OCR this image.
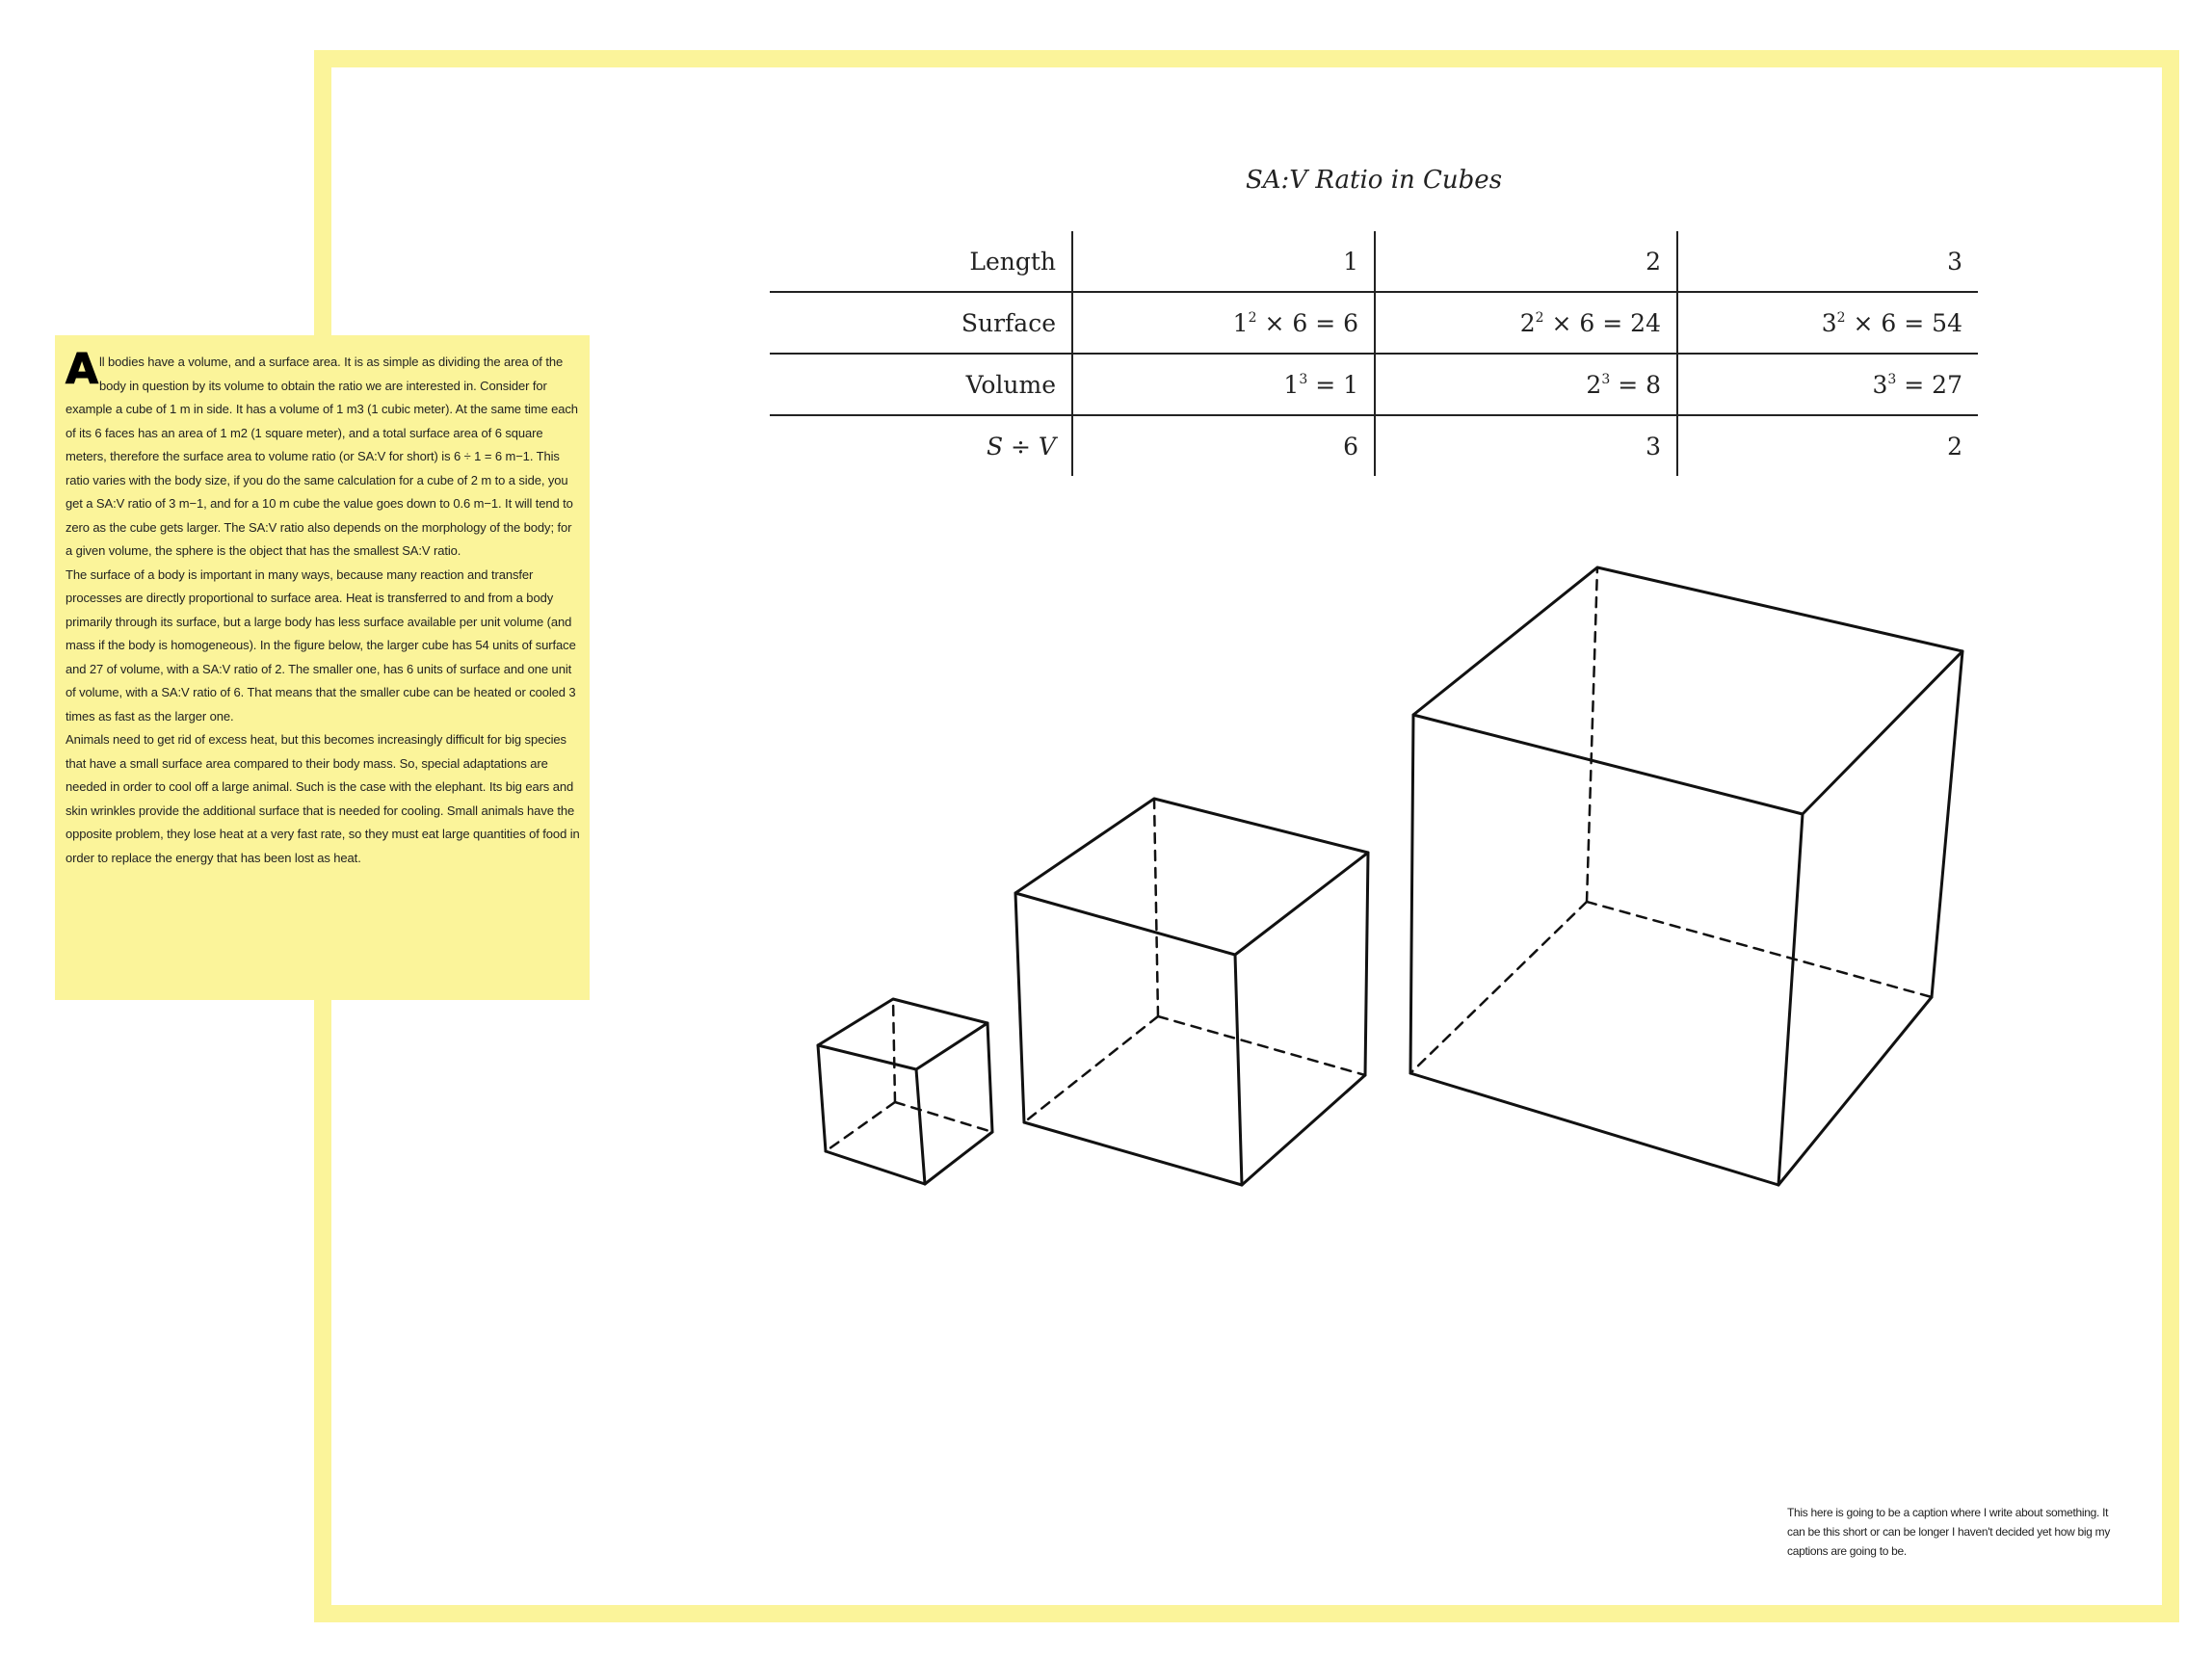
All bodies have a volume, and a surface area. It is as simple as dividing the area of the body in question by its volume to obtain the ratio we are interested in. Consider for example a cube of 1 m in side. It has a volume of 1 m3 (1 cubic meter). At the same time each of its 6 faces has an area of 1 m2 (1 square meter), and a total surface area of 6 square meters, therefore the surface area to volume ratio (or SA:V for short) is 6 ÷ 1 = 6 m−1. This ratio varies with the body size, if you do the same calculation for a cube of 2 m to a side, you get a SA:V ratio of 3 m−1, and for a 10 m cube the value goes down to 0.6 m−1. It will tend to zero as the cube gets larger. The SA:V ratio also depends on the morphology of the body; for a given volume, the sphere is the object that has the smallest SA:V ratio.

The surface of a body is important in many ways, because many reaction and transfer processes are directly proportional to surface area. Heat is transferred to and from a body primarily through its surface, but a large body has less surface available per unit volume (and mass if the body is homogeneous). In the figure below, the larger cube has 54 units of surface and 27 of volume, with a SA:V ratio of 2. The smaller one, has 6 units of surface and one unit of volume, with a SA:V ratio of 6. That means that the smaller cube can be heated or cooled 3 times as fast as the larger one.

Animals need to get rid of excess heat, but this becomes increasingly difficult for big species that have a small surface area compared to their body mass. So, special adaptations are needed in order to cool off a large animal. Such is the case with the elephant. Its big ears and skin wrinkles provide the additional surface that is needed for cooling. Small animals have the opposite problem, they lose heat at a very fast rate, so they must eat large quantities of food in order to replace the energy that has been lost as heat.

SA:V Ratio in Cubes
Length	1	2	3
Surface	$1^2 \times 6 = 6$	$2^2 \times 6 = 24$	$3^2 \times 6 = 54$
Volume	$1^3 = 1$	$2^3 = 8$	$3^3 = 27$
S ÷ V	6	3	2

This here is going to be a caption where I write about something. It can be this short or can be longer I haven't decided yet how big my captions are going to be.
